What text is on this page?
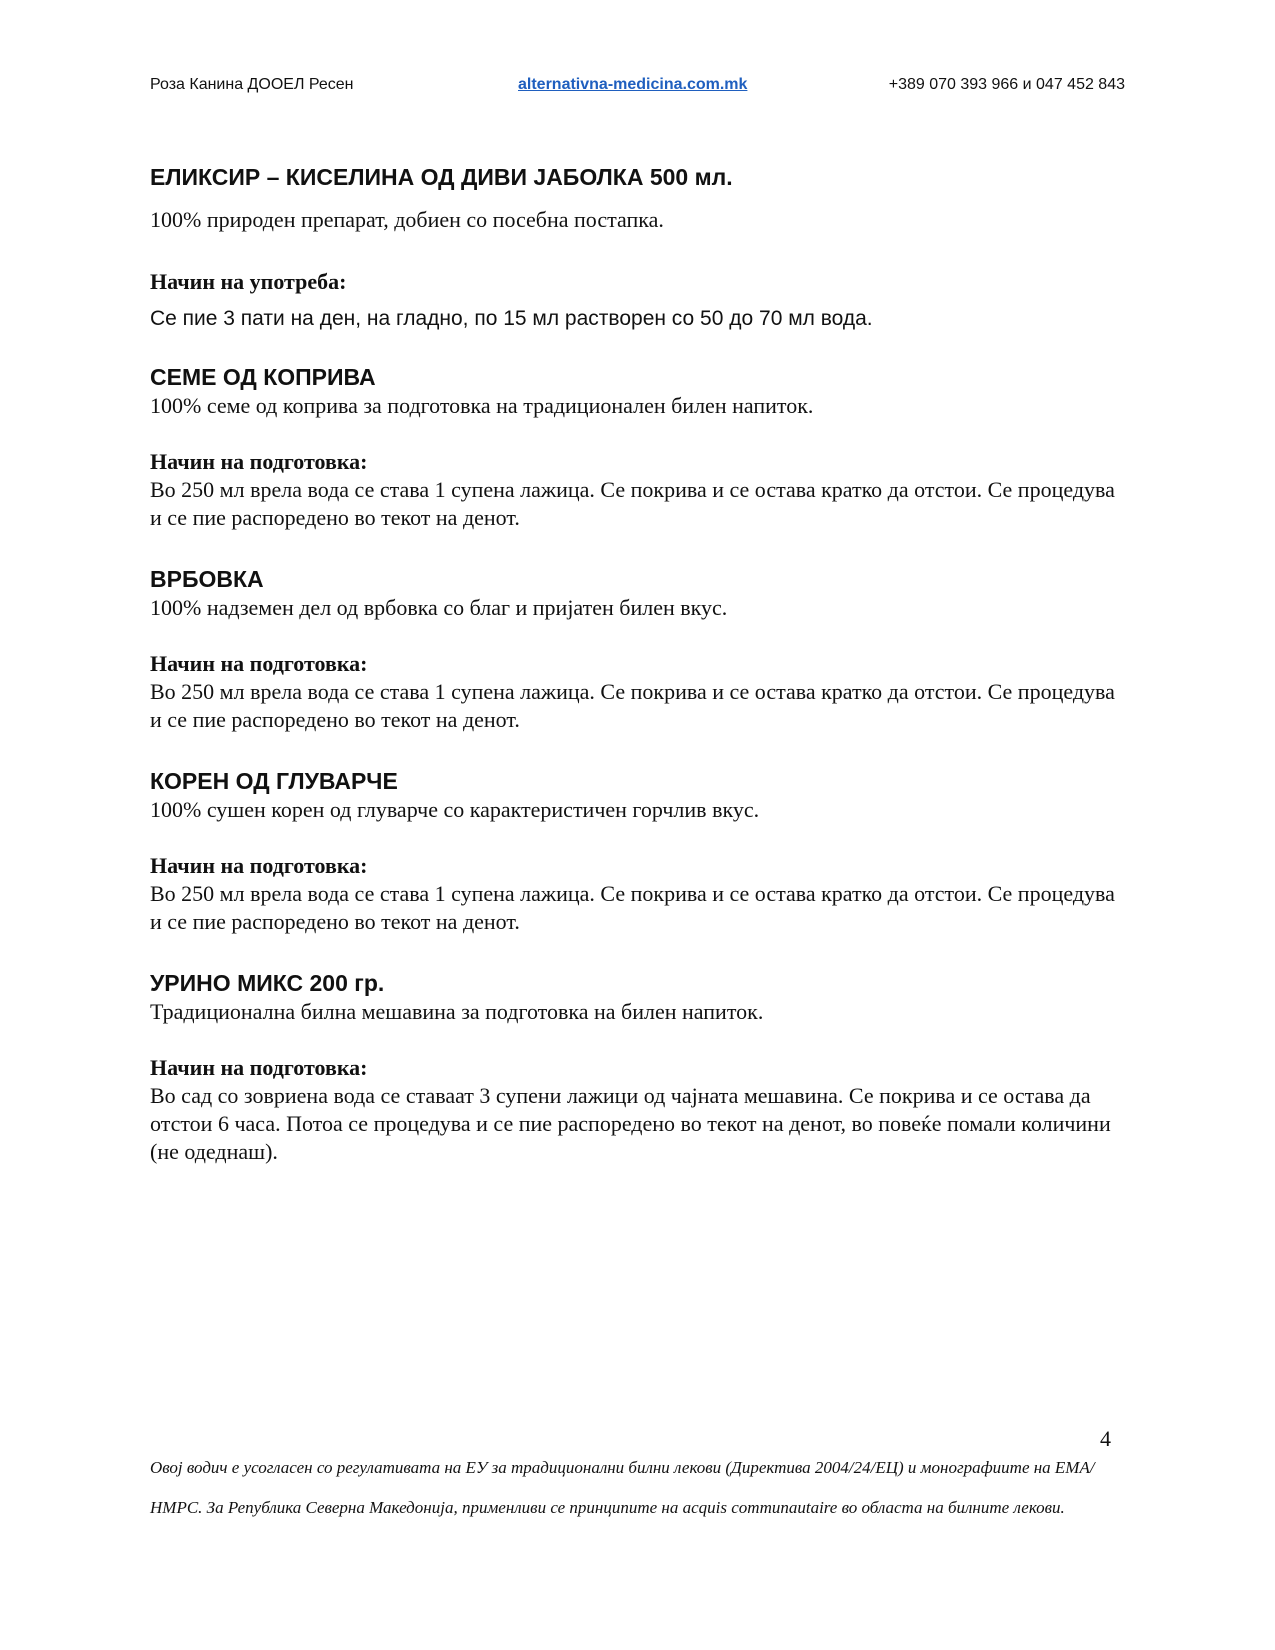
Роза Канина ДООЕЛ Ресен	alternativna-medicina.com.mk	+389 070 393 966 и 047 452 843
ЕЛИКСИР – КИСЕЛИНА ОД ДИВИ ЈАБОЛКА 500 мл.

100% природен препарат, добиен со посебна постапка.

Начин на употреба:

Се пие 3 пати на ден, на гладно, по 15 мл растворен со 50 до 70 мл вода.

СЕМЕ ОД КОПРИВА

100% семе од коприва за подготовка на традиционален билен напиток.

Начин на подготовка:

Во 250 мл врела вода се става 1 супена лажица. Се покрива и се остава кратко да отстои. Се процедува и се пие распоредено во текот на денот.

ВРБОВКА

100% надземен дел од врбовка со благ и пријатен билен вкус.

Начин на подготовка:

Во 250 мл врела вода се става 1 супена лажица. Се покрива и се остава кратко да отстои. Се процедува и се пие распоредено во текот на денот.

КОРЕН ОД ГЛУВАРЧЕ

100% сушен корен од глуварче со карактеристичен горчлив вкус.

Начин на подготовка:

Во 250 мл врела вода се става 1 супена лажица. Се покрива и се остава кратко да отстои. Се процедува и се пие распоредено во текот на денот.

УРИНО МИКС 200 гр.

Традиционална билна мешавина за подготовка на билен напиток.

Начин на подготовка:

Во сад со зовриена вода се ставаат 3 супени лажици од чајната мешавина. Се покрива и се остава да отстои 6 часа. Потоа се процедува и се пие распоредено во текот на денот, во повеќе помали количини (не одеднаш).

4

Овој водич е усогласен со регулативата на ЕУ за традиционални билни лекови (Директива 2004/24/ЕЦ) и монографиите на ЕМА/НМРС. За Република Северна Македонија, применливи се принципите на acquis communautaire во областа на билните лекови.
